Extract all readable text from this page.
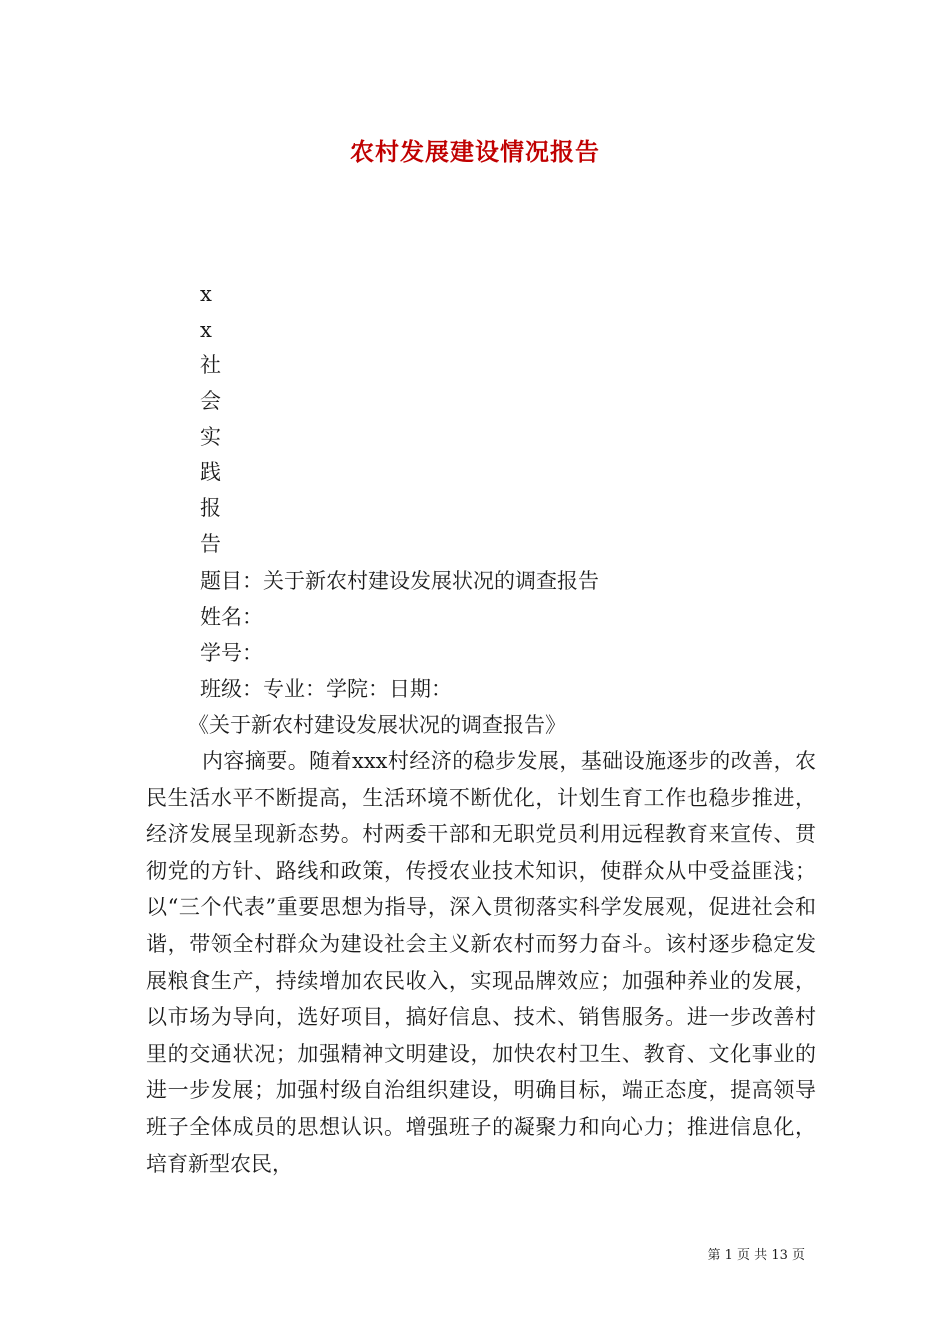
农村发展建设情况报告
x
x
社
会
实
践
报
告
题目：关于新农村建设发展状况的调查报告
姓名：
学号：
班级：专业：学院：日期：
《关于新农村建设发展状况的调查报告》

内容摘要。随着xxx村经济的稳步发展，基础设施逐步的改善，农民生活水平不断提高，生活环境不断优化，计划生育工作也稳步推进，经济发展呈现新态势。村两委干部和无职党员利用远程教育来宣传、贯彻党的方针、路线和政策，传授农业技术知识，使群众从中受益匪浅；以“三个代表”重要思想为指导，深入贯彻落实科学发展观，促进社会和谐，带领全村群众为建设社会主义新农村而努力奋斗。该村逐步稳定发展粮食生产，持续增加农民收入，实现品牌效应；加强种养业的发展，以市场为导向，选好项目，搞好信息、技术、销售服务。进一步改善村里的交通状况；加强精神文明建设，加快农村卫生、教育、文化事业的进一步发展；加强村级自治组织建设，明确目标，端正态度，提高领导班子全体成员的思想认识。增强班子的凝聚力和向心力；推进信息化，培育新型农民，

第 1 页 共 13 页
